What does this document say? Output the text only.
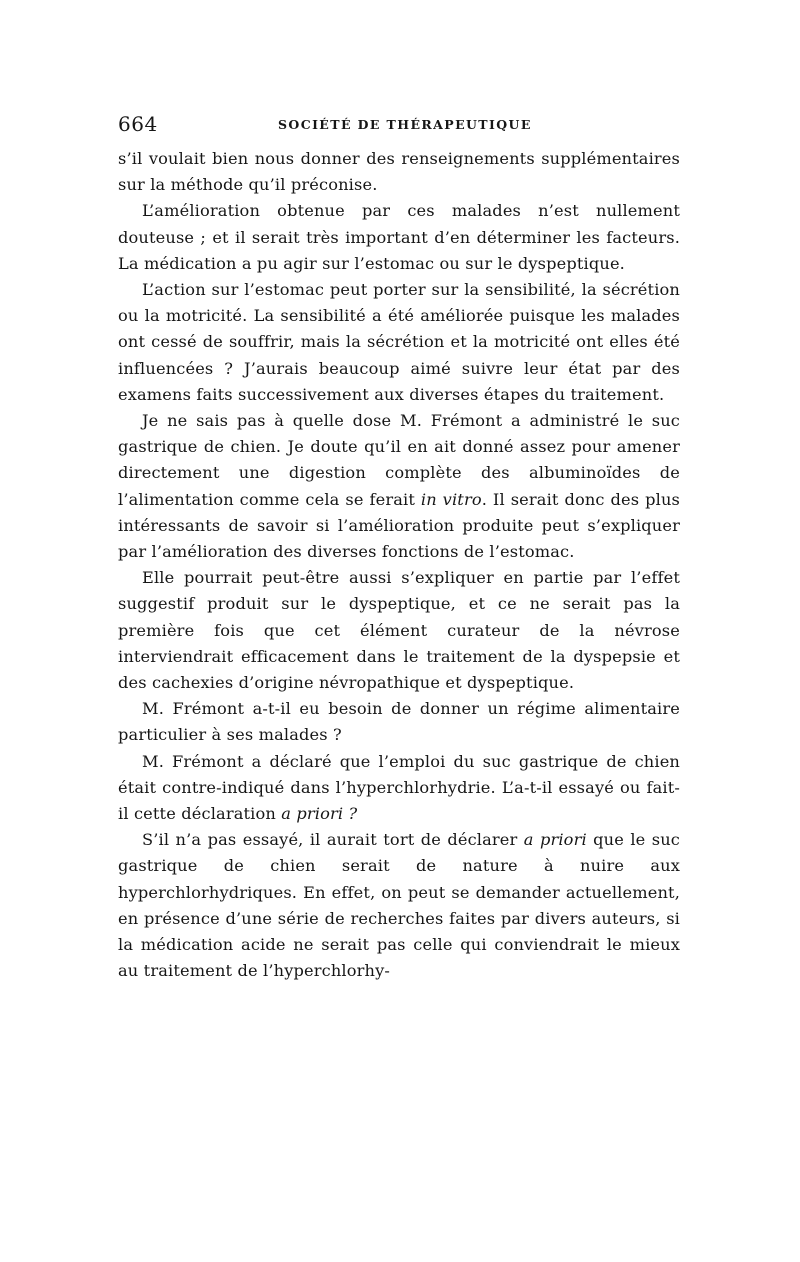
664	SOCIÉTÉ DE THÉRAPEUTIQUE

s’il voulait bien nous donner des renseignements supplémentaires sur la méthode qu’il préconise.

L’amélioration obtenue par ces malades n’est nullement douteuse ; et il serait très important d’en déterminer les facteurs. La médication a pu agir sur l’estomac ou sur le dyspeptique.

L’action sur l’estomac peut porter sur la sensibilité, la sécrétion ou la motricité. La sensibilité a été améliorée puisque les malades ont cessé de souffrir, mais la sécrétion et la motricité ont elles été influencées ? J’aurais beaucoup aimé suivre leur état par des examens faits successivement aux diverses étapes du traitement.

Je ne sais pas à quelle dose M. Frémont a administré le suc gastrique de chien. Je doute qu’il en ait donné assez pour amener directement une digestion complète des albuminoïdes de l’alimentation comme cela se ferait in vitro. Il serait donc des plus intéressants de savoir si l’amélioration produite peut s’expliquer par l’amélioration des diverses fonctions de l’estomac.

Elle pourrait peut-être aussi s’expliquer en partie par l’effet suggestif produit sur le dyspeptique, et ce ne serait pas la première fois que cet élément curateur de la névrose interviendrait efficacement dans le traitement de la dyspepsie et des cachexies d’origine névropathique et dyspeptique.

M. Frémont a-t-il eu besoin de donner un régime alimentaire particulier à ses malades ?

M. Frémont a déclaré que l’emploi du suc gastrique de chien était contre-indiqué dans l’hyperchlorhydrie. L’a-t-il essayé ou fait-il cette déclaration a priori ?

S’il n’a pas essayé, il aurait tort de déclarer a priori que le suc gastrique de chien serait de nature à nuire aux hyperchlorhydriques. En effet, on peut se demander actuellement, en présence d’une série de recherches faites par divers auteurs, si la médication acide ne serait pas celle qui conviendrait le mieux au traitement de l’hyperchlorhy-
